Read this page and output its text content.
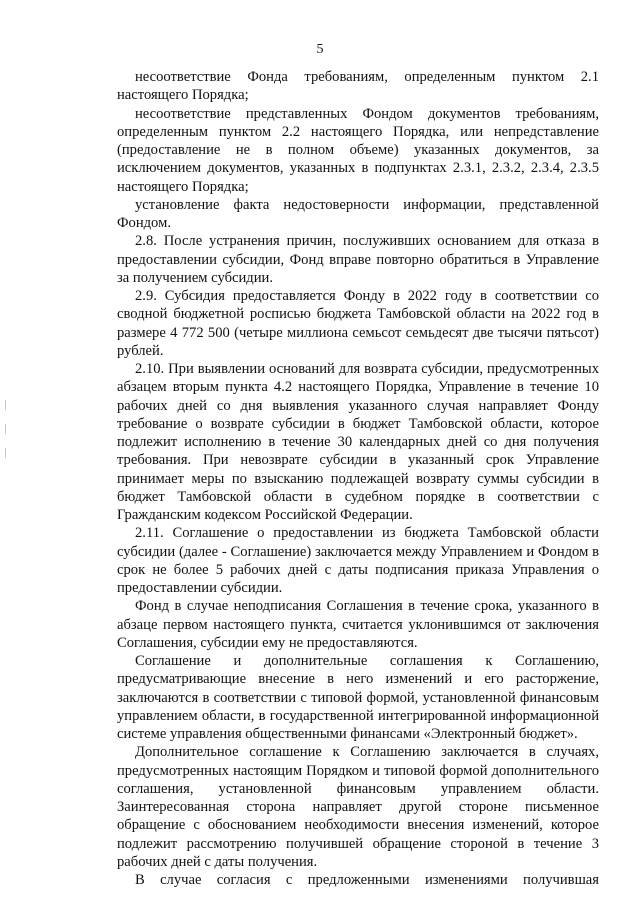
5

несоответствие Фонда требованиям, определенным пунктом 2.1 настоящего Порядка;

несоответствие представленных Фондом документов требованиям, определенным пунктом 2.2 настоящего Порядка, или непредставление (предоставление не в полном объеме) указанных документов, за исключением документов, указанных в подпунктах 2.3.1, 2.3.2, 2.3.4, 2.3.5 настоящего Порядка;

установление факта недостоверности информации, представленной Фондом.

2.8. После устранения причин, послуживших основанием для отказа в предоставлении субсидии, Фонд вправе повторно обратиться в Управление за получением субсидии.

2.9. Субсидия предоставляется Фонду в 2022 году в соответствии со сводной бюджетной росписью бюджета Тамбовской области на 2022 год в размере 4 772 500 (четыре миллиона семьсот семьдесят две тысячи пятьсот) рублей.

2.10. При выявлении оснований для возврата субсидии, предусмотренных абзацем вторым пункта 4.2 настоящего Порядка, Управление в течение 10 рабочих дней со дня выявления указанного случая направляет Фонду требование о возврате субсидии в бюджет Тамбовской области, которое подлежит исполнению в течение 30 календарных дней со дня получения требования. При невозврате субсидии в указанный срок Управление принимает меры по взысканию подлежащей возврату суммы субсидии в бюджет Тамбовской области в судебном порядке в соответствии с Гражданским кодексом Российской Федерации.

2.11. Соглашение о предоставлении из бюджета Тамбовской области субсидии (далее - Соглашение) заключается между Управлением и Фондом в срок не более 5 рабочих дней с даты подписания приказа Управления о предоставлении субсидии.

Фонд в случае неподписания Соглашения в течение срока, указанного в абзаце первом настоящего пункта, считается уклонившимся от заключения Соглашения, субсидии ему не предоставляются.

Соглашение и дополнительные соглашения к Соглашению, предусматривающие внесение в него изменений и его расторжение, заключаются в соответствии с типовой формой, установленной финансовым управлением области, в государственной интегрированной информационной системе управления общественными финансами «Электронный бюджет».

Дополнительное соглашение к Соглашению заключается в случаях, предусмотренных настоящим Порядком и типовой формой дополнительного соглашения, установленной финансовым управлением области. Заинтересованная сторона направляет другой стороне письменное обращение с обоснованием необходимости внесения изменений, которое подлежит рассмотрению получившей обращение стороной в течение 3 рабочих дней с даты получения.

В случае согласия с предложенными изменениями получившая
